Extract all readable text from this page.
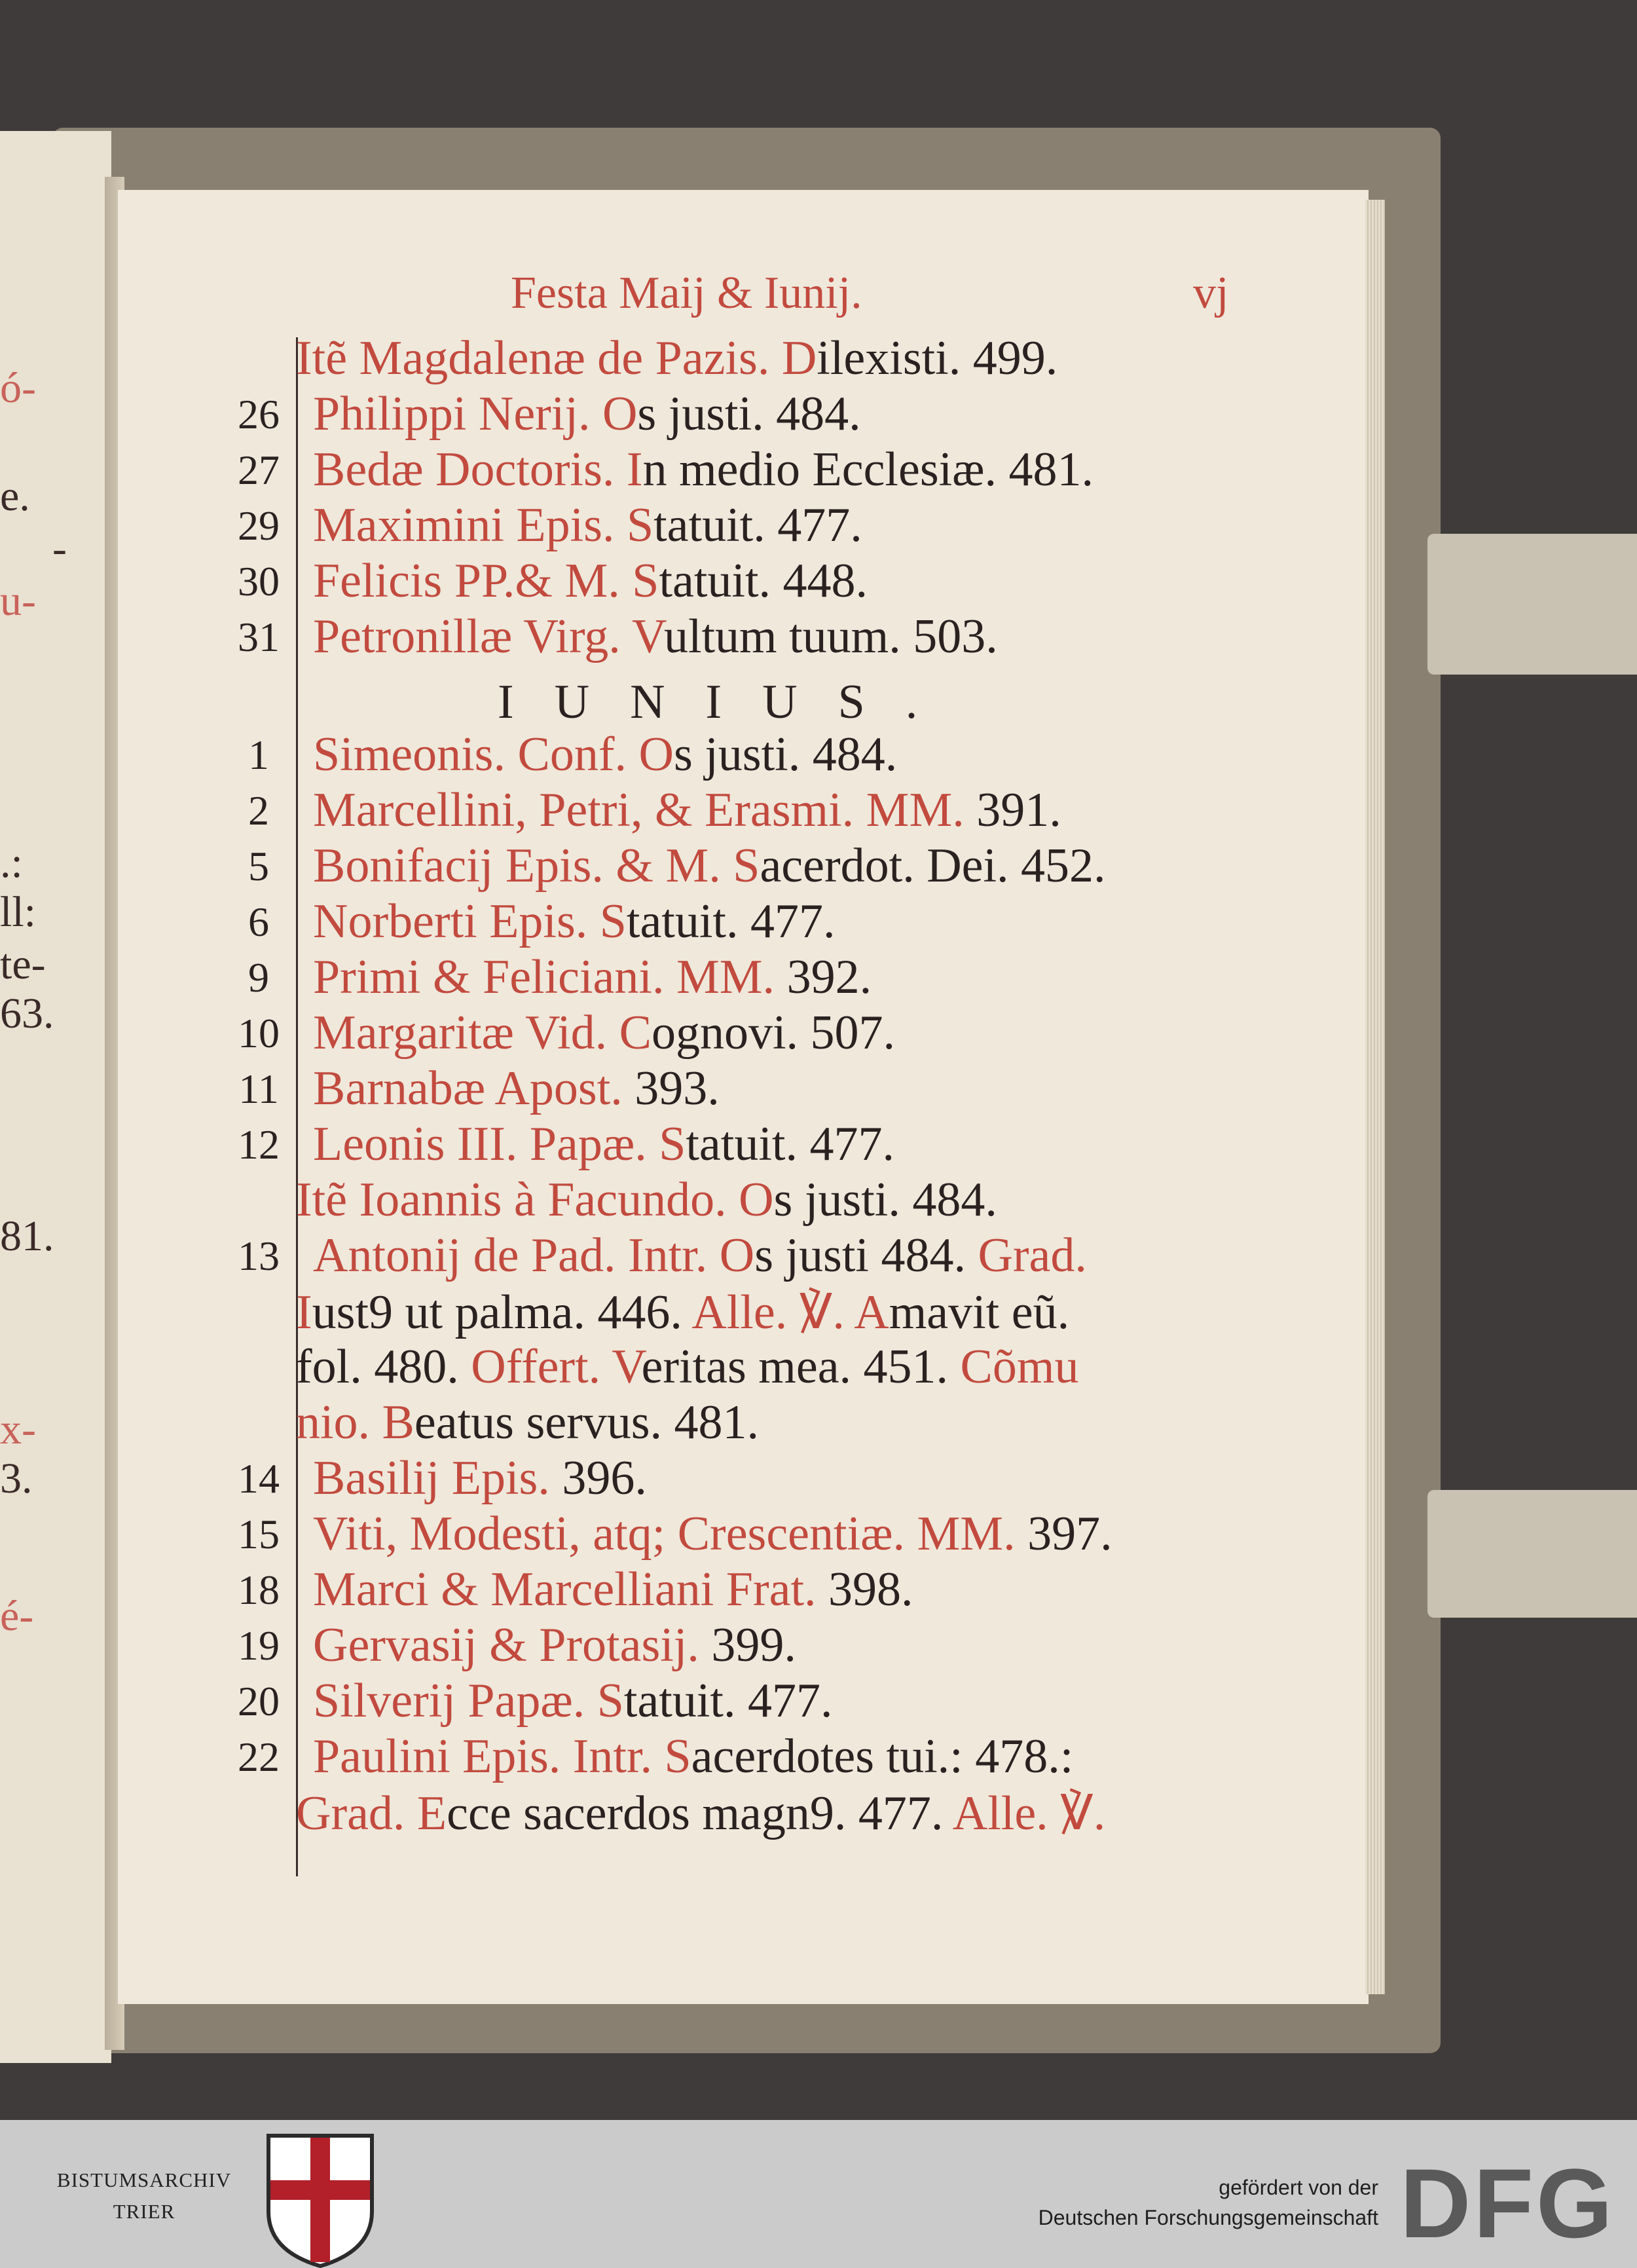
ó-
e.
-
u-
.:
ll:
te-
63.
81.
x-
3.
é-
Festa Maij & Iunij.	vj
IUNIUS.
Itẽ Magdalenæ de Pazis. Dilexisti. 499.
26 Philippi Nerij. Os justi. 484.
27 Bedæ Doctoris. In medio Ecclesiæ. 481.
29 Maximini Epis. Statuit. 477.
30 Felicis PP.& M. Statuit. 448.
31 Petronillæ Virg. Vultum tuum. 503.
1 Simeonis. Conf. Os justi. 484.
2 Marcellini, Petri, & Erasmi. MM. 391.
5 Bonifacij Epis. & M. Sacerdot. Dei. 452.
6 Norberti Epis. Statuit. 477.
9 Primi & Feliciani. MM. 392.
10 Margaritæ Vid. Cognovi. 507.
11 Barnabæ Apost. 393.
12 Leonis III. Papæ. Statuit. 477.
Itẽ Ioannis à Facundo. Os justi. 484.
13 Antonij de Pad. Intr. Os justi 484. Grad.
Iust9 ut palma. 446. Alle. ℣. Amavit eũ.
fol. 480. Offert. Veritas mea. 451. Cõmu
nio. Beatus servus. 481.
14 Basilij Epis. 396.
15 Viti, Modesti, atq; Crescentiæ. MM. 397.
18 Marci & Marcelliani Frat. 398.
19 Gervasij & Protasij. 399.
20 Silverij Papæ. Statuit. 477.
22 Paulini Epis. Intr. Sacerdotes tui.: 478.:
Grad. Ecce sacerdos magn9. 477. Alle. ℣.
BISTUMSARCHIV
TRIER
gefördert von der
Deutschen Forschungsgemeinschaft DFG
